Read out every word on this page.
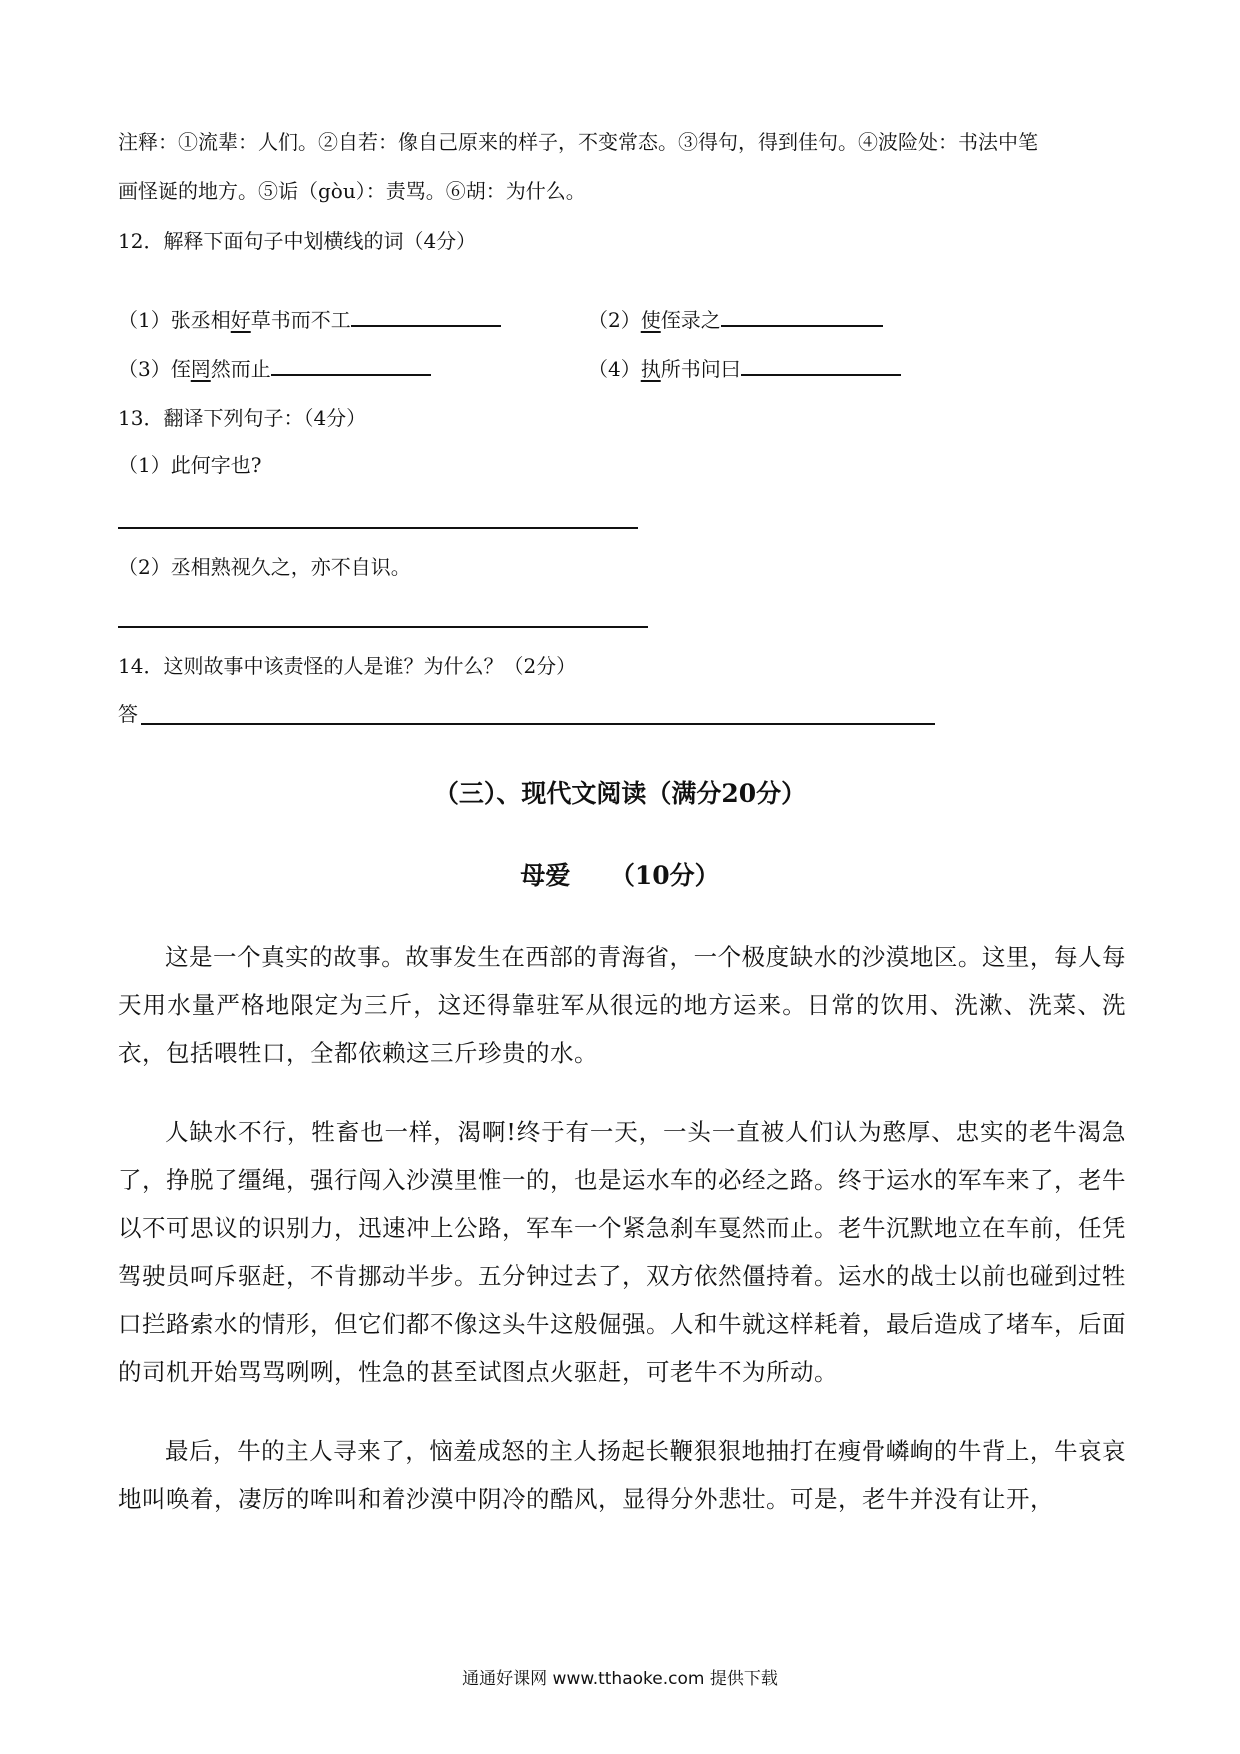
注释：①流辈：人们。②自若：像自己原来的样子，不变常态。③得句，得到佳句。④波险处：书法中笔
画怪诞的地方。⑤诟（gòu）：责骂。⑥胡：为什么。
12．解释下面句子中划横线的词（4分）
（1）张丞相好草书而不工	（2）使侄录之
（3）侄罔然而止	（4）执所书问曰
13．翻译下列句子：（4分）
（1）此何字也?
（2）丞相熟视久之，亦不自识。
14．这则故事中该责怪的人是谁？为什么？（2分）
答
（三）、现代文阅读（满分20分）
母爱 （10分）
这是一个真实的故事。故事发生在西部的青海省，一个极度缺水的沙漠地区。这里，每人每天用水量严格地限定为三斤，这还得靠驻军从很远的地方运来。日常的饮用、洗漱、洗菜、洗衣，包括喂牲口，全都依赖这三斤珍贵的水。
人缺水不行，牲畜也一样，渴啊!终于有一天，一头一直被人们认为憨厚、忠实的老牛渴急了，挣脱了缰绳，强行闯入沙漠里惟一的，也是运水车的必经之路。终于运水的军车来了，老牛以不可思议的识别力，迅速冲上公路，军车一个紧急刹车戛然而止。老牛沉默地立在车前，任凭驾驶员呵斥驱赶，不肯挪动半步。五分钟过去了，双方依然僵持着。运水的战士以前也碰到过牲口拦路索水的情形，但它们都不像这头牛这般倔强。人和牛就这样耗着，最后造成了堵车，后面的司机开始骂骂咧咧，性急的甚至试图点火驱赶，可老牛不为所动。
最后，牛的主人寻来了，恼羞成怒的主人扬起长鞭狠狠地抽打在瘦骨嶙峋的牛背上，牛哀哀地叫唤着，凄厉的哞叫和着沙漠中阴冷的酷风，显得分外悲壮。可是，老牛并没有让开，
通通好课网 www.tthaoke.com 提供下载
